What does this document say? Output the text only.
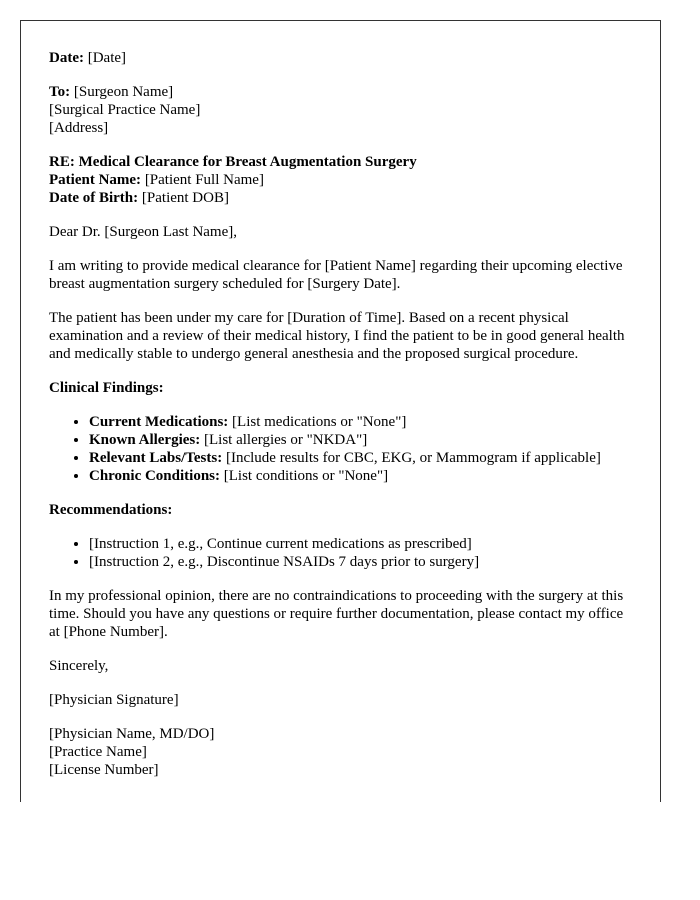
Date: [Date]

To: [Surgeon Name]
[Surgical Practice Name]
[Address]

RE: Medical Clearance for Breast Augmentation Surgery
Patient Name: [Patient Full Name]
Date of Birth: [Patient DOB]

Dear Dr. [Surgeon Last Name],

I am writing to provide medical clearance for [Patient Name] regarding their upcoming elective breast augmentation surgery scheduled for [Surgery Date].

The patient has been under my care for [Duration of Time]. Based on a recent physical examination and a review of their medical history, I find the patient to be in good general health and medically stable to undergo general anesthesia and the proposed surgical procedure.

Clinical Findings:

• Current Medications: [List medications or "None"]
• Known Allergies: [List allergies or "NKDA"]
• Relevant Labs/Tests: [Include results for CBC, EKG, or Mammogram if applicable]
• Chronic Conditions: [List conditions or "None"]

Recommendations:

• [Instruction 1, e.g., Continue current medications as prescribed]
• [Instruction 2, e.g., Discontinue NSAIDs 7 days prior to surgery]

In my professional opinion, there are no contraindications to proceeding with the surgery at this time. Should you have any questions or require further documentation, please contact my office at [Phone Number].

Sincerely,

[Physician Signature]

[Physician Name, MD/DO]
[Practice Name]
[License Number]
